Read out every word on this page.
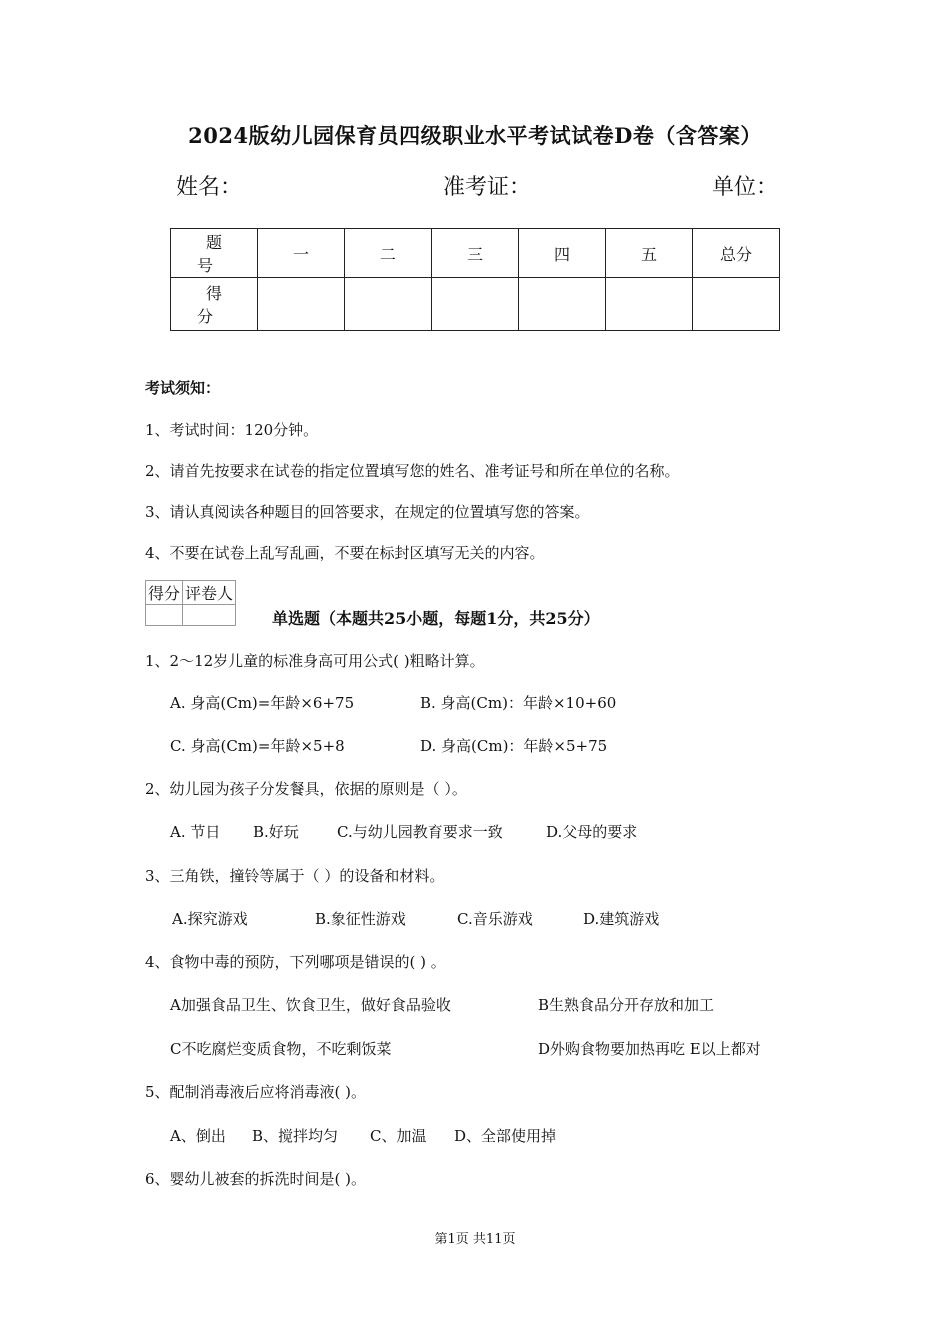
2024版幼儿园保育员四级职业水平考试试卷D卷（含答案）
姓名：	准考证：	单位：
题 号	一	二	三	四	五	总分
得 分						
考试须知：
1、考试时间：120分钟。
2、请首先按要求在试卷的指定位置填写您的姓名、准考证号和所在单位的名称。
3、请认真阅读各种题目的回答要求，在规定的位置填写您的答案。
4、不要在试卷上乱写乱画，不要在标封区填写无关的内容。
得分	评卷人

单选题（本题共25小题，每题1分，共25分）
1、2～12岁儿童的标准身高可用公式( )粗略计算。
A. 身高(Cm)=年龄×6+75	B. 身高(Cm)：年龄×10+60
C. 身高(Cm)=年龄×5+8	D. 身高(Cm)：年龄×5+75
2、幼儿园为孩子分发餐具，依据的原则是（ ）。
A. 节日 B.好玩	C.与幼儿园教育要求一致	D.父母的要求
3、三角铁，撞铃等属于（ ）的设备和材料。
A.探究游戏	B.象征性游戏	C.音乐游戏	D.建筑游戏
4、食物中毒的预防，下列哪项是错误的( ) 。
A加强食品卫生、饮食卫生，做好食品验收	B生熟食品分开存放和加工
C不吃腐烂变质食物，不吃剩饭菜	D外购食物要加热再吃 E以上都对
5、配制消毒液后应将消毒液( )。
A、倒出 B、搅拌均匀 C、加温 D、全部使用掉
6、婴幼儿被套的拆洗时间是( )。
第1页 共11页
